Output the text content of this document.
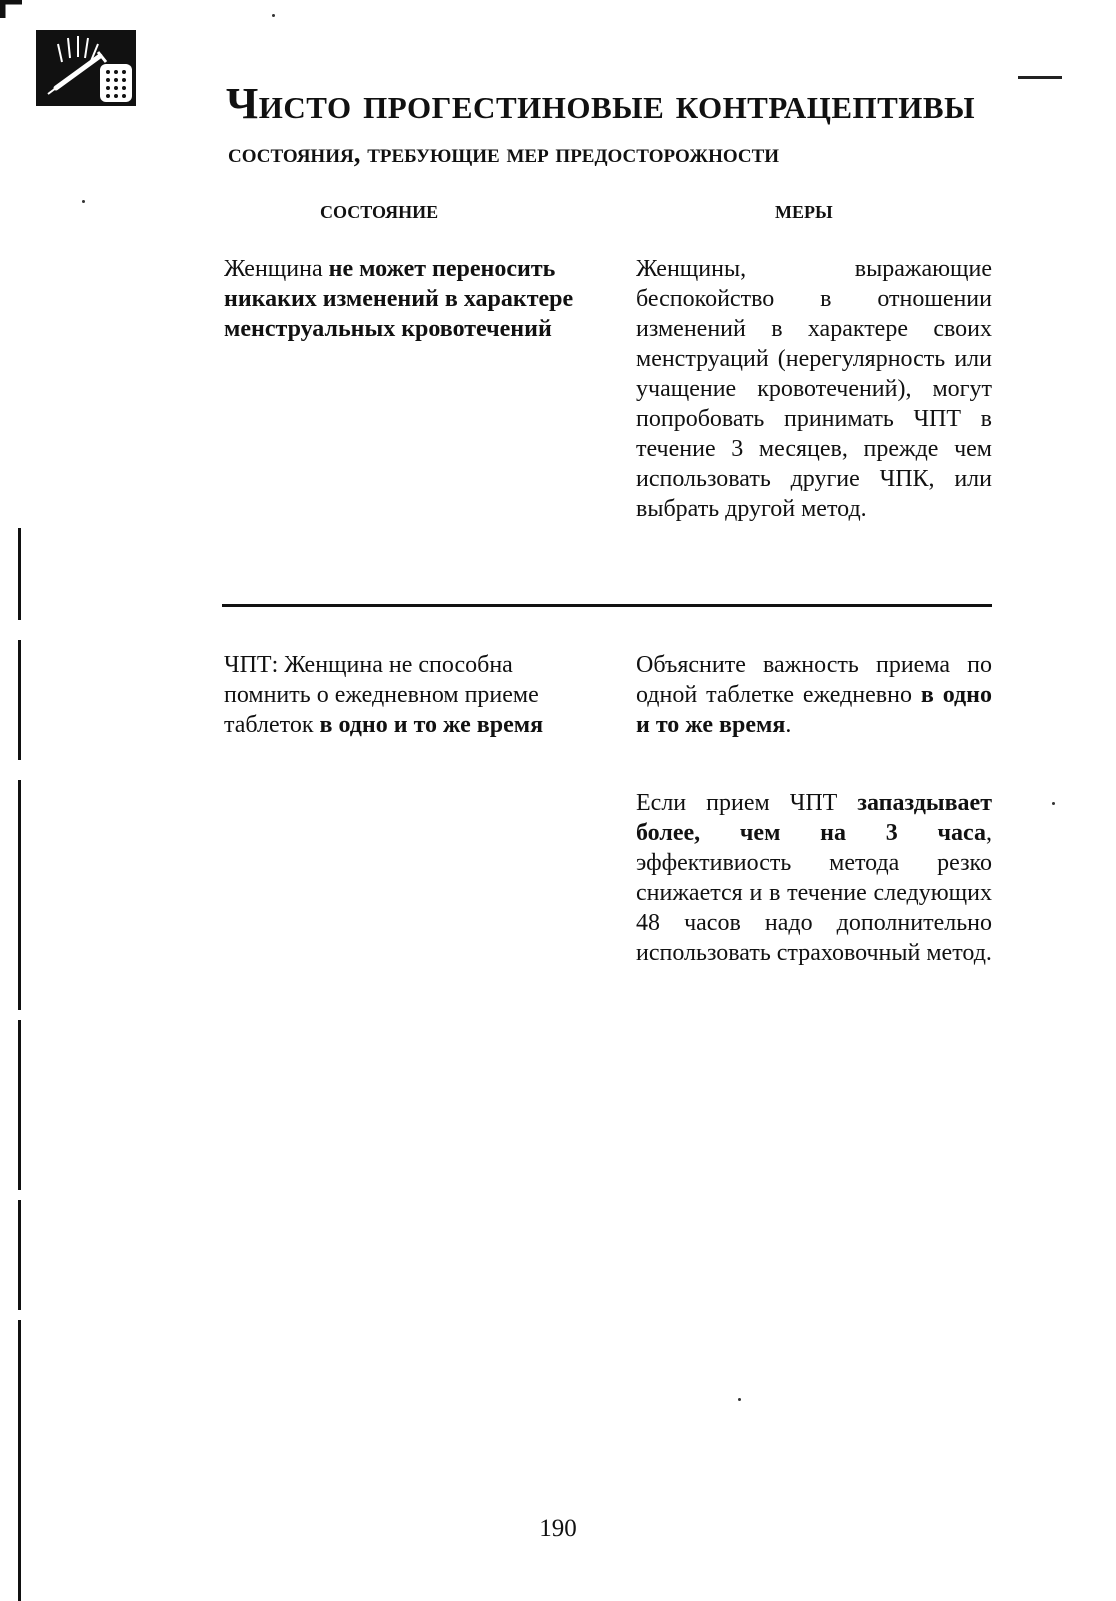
Чисто прогестиновые контрацептивы
состояния, требующие мер предосторожности
состояние	меры

Женщина не может переносить никаких изменений в характере менструальных кровотечений

Женщины, выражающие беспокойство в отношении изменений в характере своих менструаций (нерегулярность или учащение кровотечений), могут попробовать принимать ЧПТ в течение 3 месяцев, прежде чем использовать другие ЧПК, или выбрать другой метод.

ЧПТ: Женщина не способна помнить о ежедневном приеме таблеток в одно и то же время

Объясните важность приема по одной таблетке ежедневно в одно и то же время.

Если прием ЧПТ запаздывает более, чем на 3 часа, эффективиость метода резко снижается и в течение следующих 48 часов надо дополнительно использовать страховочный метод.

190
